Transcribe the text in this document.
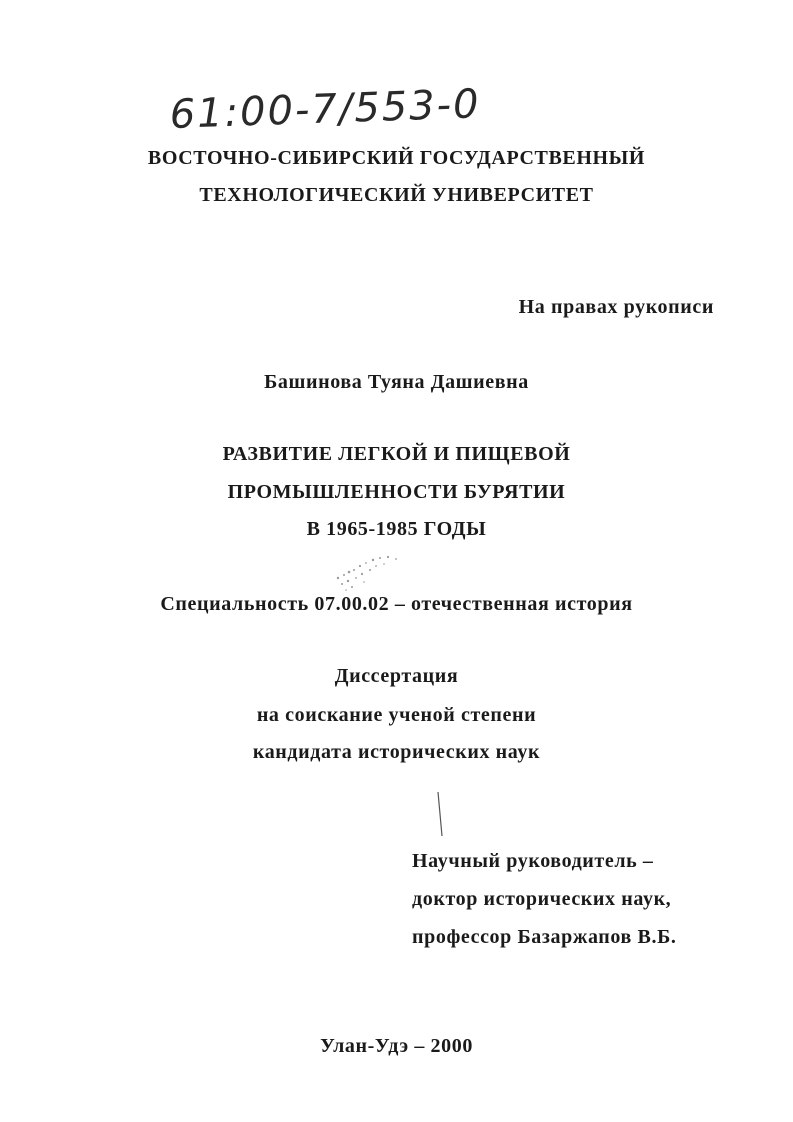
61:00-7/553-0

ВОСТОЧНО-СИБИРСКИЙ ГОСУДАРСТВЕННЫЙ

ТЕХНОЛОГИЧЕСКИЙ УНИВЕРСИТЕТ

На правах рукописи

Башинова Туяна Дашиевна

РАЗВИТИЕ ЛЕГКОЙ И ПИЩЕВОЙ

ПРОМЫШЛЕННОСТИ БУРЯТИИ

В 1965-1985 ГОДЫ

Специальность 07.00.02 – отечественная история

Диссертация

на соискание ученой степени

кандидата исторических наук

Научный руководитель –

доктор исторических наук,

профессор Базаржапов В.Б.

Улан-Удэ – 2000
